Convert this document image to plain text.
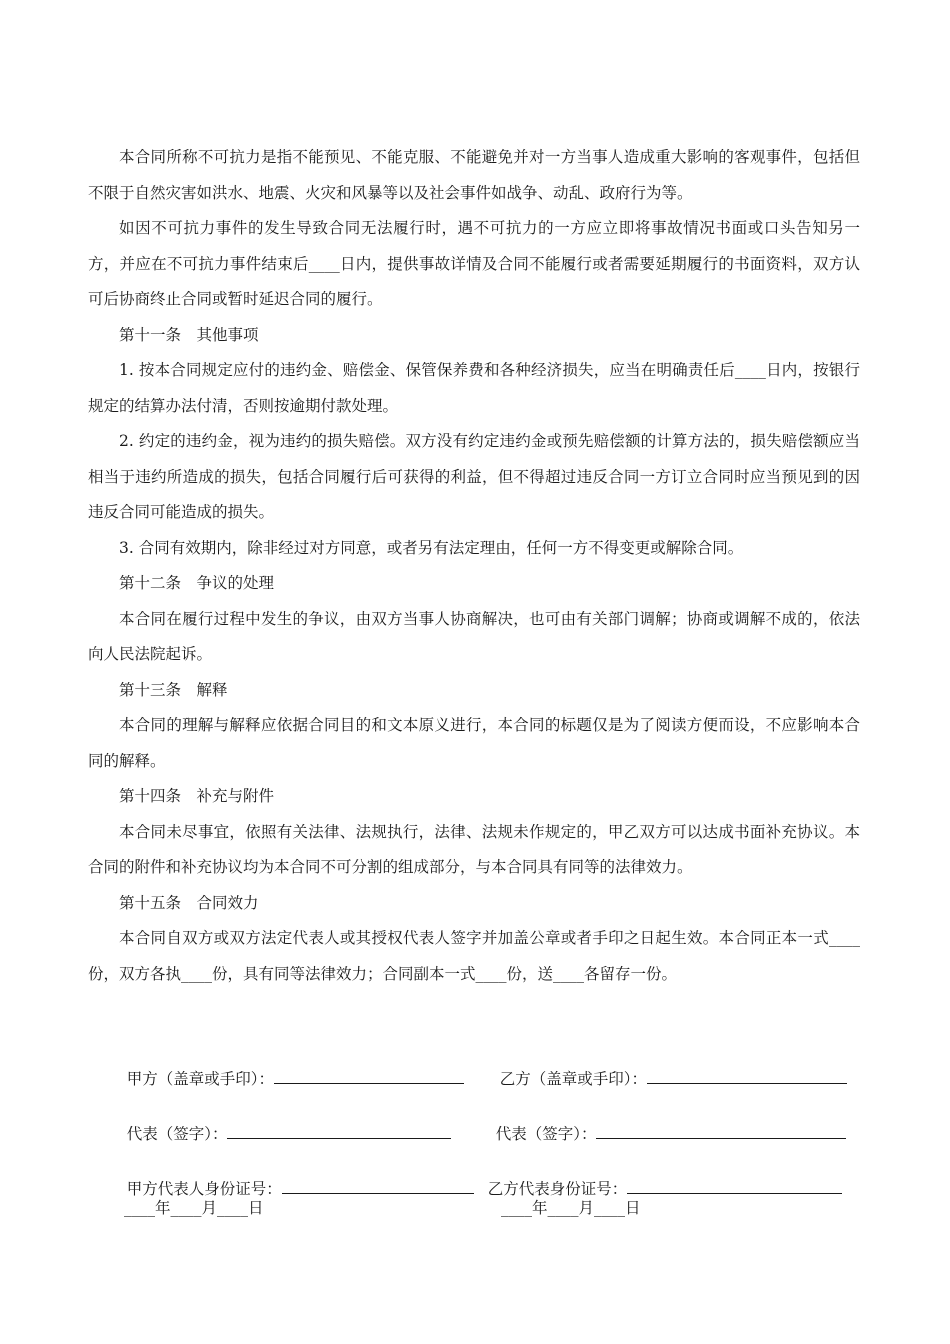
本合同所称不可抗力是指不能预见、不能克服、不能避免并对一方当事人造成重大影响的客观事件，包括但不限于自然灾害如洪水、地震、火灾和风暴等以及社会事件如战争、动乱、政府行为等。

如因不可抗力事件的发生导致合同无法履行时，遇不可抗力的一方应立即将事故情况书面或口头告知另一方，并应在不可抗力事件结束后____日内，提供事故详情及合同不能履行或者需要延期履行的书面资料，双方认可后协商终止合同或暂时延迟合同的履行。

第十一条　其他事项

1. 按本合同规定应付的违约金、赔偿金、保管保养费和各种经济损失，应当在明确责任后____日内，按银行规定的结算办法付清，否则按逾期付款处理。

2. 约定的违约金，视为违约的损失赔偿。双方没有约定违约金或预先赔偿额的计算方法的，损失赔偿额应当相当于违约所造成的损失，包括合同履行后可获得的利益，但不得超过违反合同一方订立合同时应当预见到的因违反合同可能造成的损失。

3. 合同有效期内，除非经过对方同意，或者另有法定理由，任何一方不得变更或解除合同。

第十二条　争议的处理

本合同在履行过程中发生的争议，由双方当事人协商解决，也可由有关部门调解；协商或调解不成的，依法向人民法院起诉。

第十三条　解释

本合同的理解与解释应依据合同目的和文本原义进行，本合同的标题仅是为了阅读方便而设，不应影响本合同的解释。

第十四条　补充与附件

本合同未尽事宜，依照有关法律、法规执行，法律、法规未作规定的，甲乙双方可以达成书面补充协议。本合同的附件和补充协议均为本合同不可分割的组成部分，与本合同具有同等的法律效力。

第十五条　合同效力

本合同自双方或双方法定代表人或其授权代表人签字并加盖公章或者手印之日起生效。本合同正本一式____份，双方各执____份，具有同等法律效力；合同副本一式____份，送____各留存一份。

甲方（盖章或手印）：
	乙方（盖章或手印）：

代表（签字）：
	代表（签字）：

甲方代表人身份证号：
	乙方代表身份证号：

____年____月____日	____年____月____日
